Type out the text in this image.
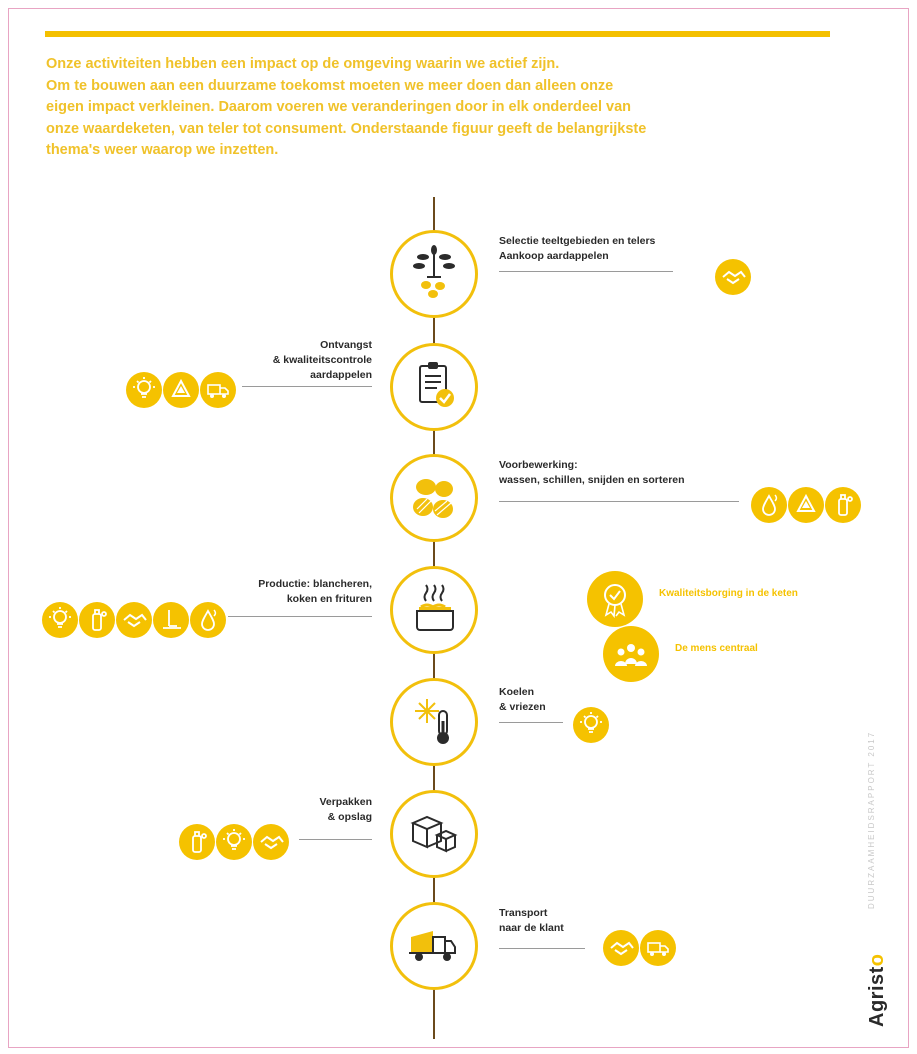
Onze activiteiten hebben een impact op de omgeving waarin we actief zijn.
Om te bouwen aan een duurzame toekomst moeten we meer doen dan alleen onze
eigen impact verkleinen. Daarom voeren we veranderingen door in elk onderdeel van
onze waardeketen, van teler tot consument. Onderstaande figuur geeft de belangrijkste
thema's weer waarop we inzetten.
Selectie teeltgebieden en telers
Aankoop aardappelen
Ontvangst
& kwaliteitscontrole
aardappelen
Voorbewerking:
wassen, schillen, snijden en sorteren
Productie: blancheren,
koken en frituren
Koelen
& vriezen
Verpakken
& opslag
Transport
naar de klant
Kwaliteitsborging in de keten
De mens centraal
DUURZAAMHEIDSRAPPORT 2017
Agristo
